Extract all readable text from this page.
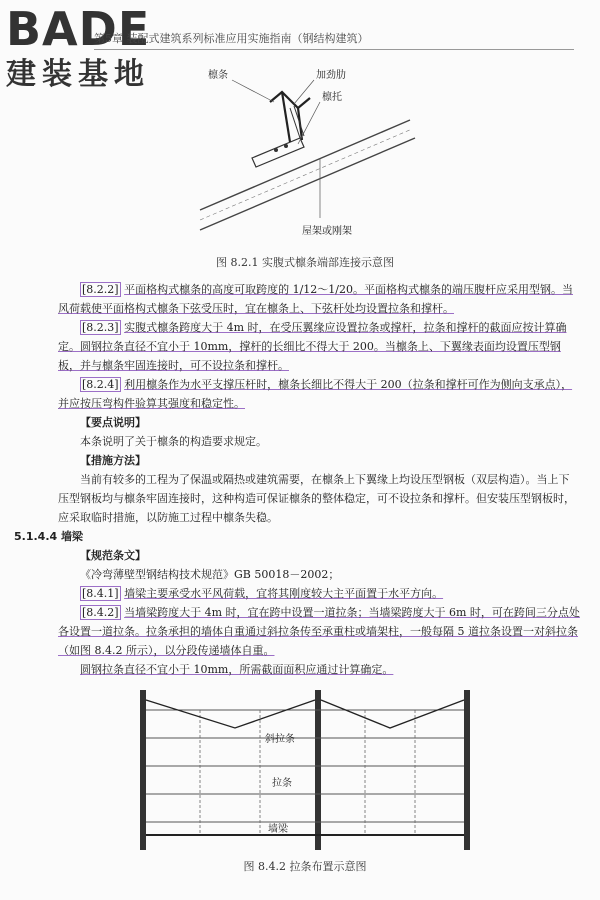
BADE
建装基地
第5章 装配式建筑系列标准应用实施指南（钢结构建筑）
檩条	加劲肋
檩托
屋架或刚架
图 8.2.1 实腹式檩条端部连接示意图

[8.2.2] 平面格构式檩条的高度可取跨度的 1/12～1/20。平面格构式檩条的端压腹杆应采用型钢。当风荷载使平面格构式檩条下弦受压时，宜在檩条上、下弦杆处均设置拉条和撑杆。

[8.2.3] 实腹式檩条跨度大于 4m 时，在受压翼缘应设置拉条或撑杆，拉条和撑杆的截面应按计算确定。圆钢拉条直径不宜小于 10mm，撑杆的长细比不得大于 200。当檩条上、下翼缘表面均设置压型钢板，并与檩条牢固连接时，可不设拉条和撑杆。

[8.2.4] 利用檩条作为水平支撑压杆时，檩条长细比不得大于 200（拉条和撑杆可作为侧向支承点），并应按压弯构件验算其强度和稳定性。

【要点说明】

本条说明了关于檩条的构造要求规定。

【措施方法】

当前有较多的工程为了保温或隔热或建筑需要，在檩条上下翼缘上均设压型钢板（双层构造）。当上下压型钢板均与檩条牢固连接时，这种构造可保证檩条的整体稳定，可不设拉条和撑杆。但安装压型钢板时，应采取临时措施，以防施工过程中檩条失稳。

5.1.4.4 墙梁

【规范条文】

《冷弯薄壁型钢结构技术规范》GB 50018－2002；

[8.4.1] 墙梁主要承受水平风荷载，宜将其刚度较大主平面置于水平方向。

[8.4.2] 当墙梁跨度大于 4m 时，宜在跨中设置一道拉条；当墙梁跨度大于 6m 时，可在跨间三分点处各设置一道拉条。拉条承担的墙体自重通过斜拉条传至承重柱或墙架柱，一般每隔 5 道拉条设置一对斜拉条（如图 8.4.2 所示），以分段传递墙体自重。

圆钢拉条直径不宜小于 10mm，所需截面面积应通过计算确定。

斜拉条
拉条
墙梁
图 8.4.2 拉条布置示意图
